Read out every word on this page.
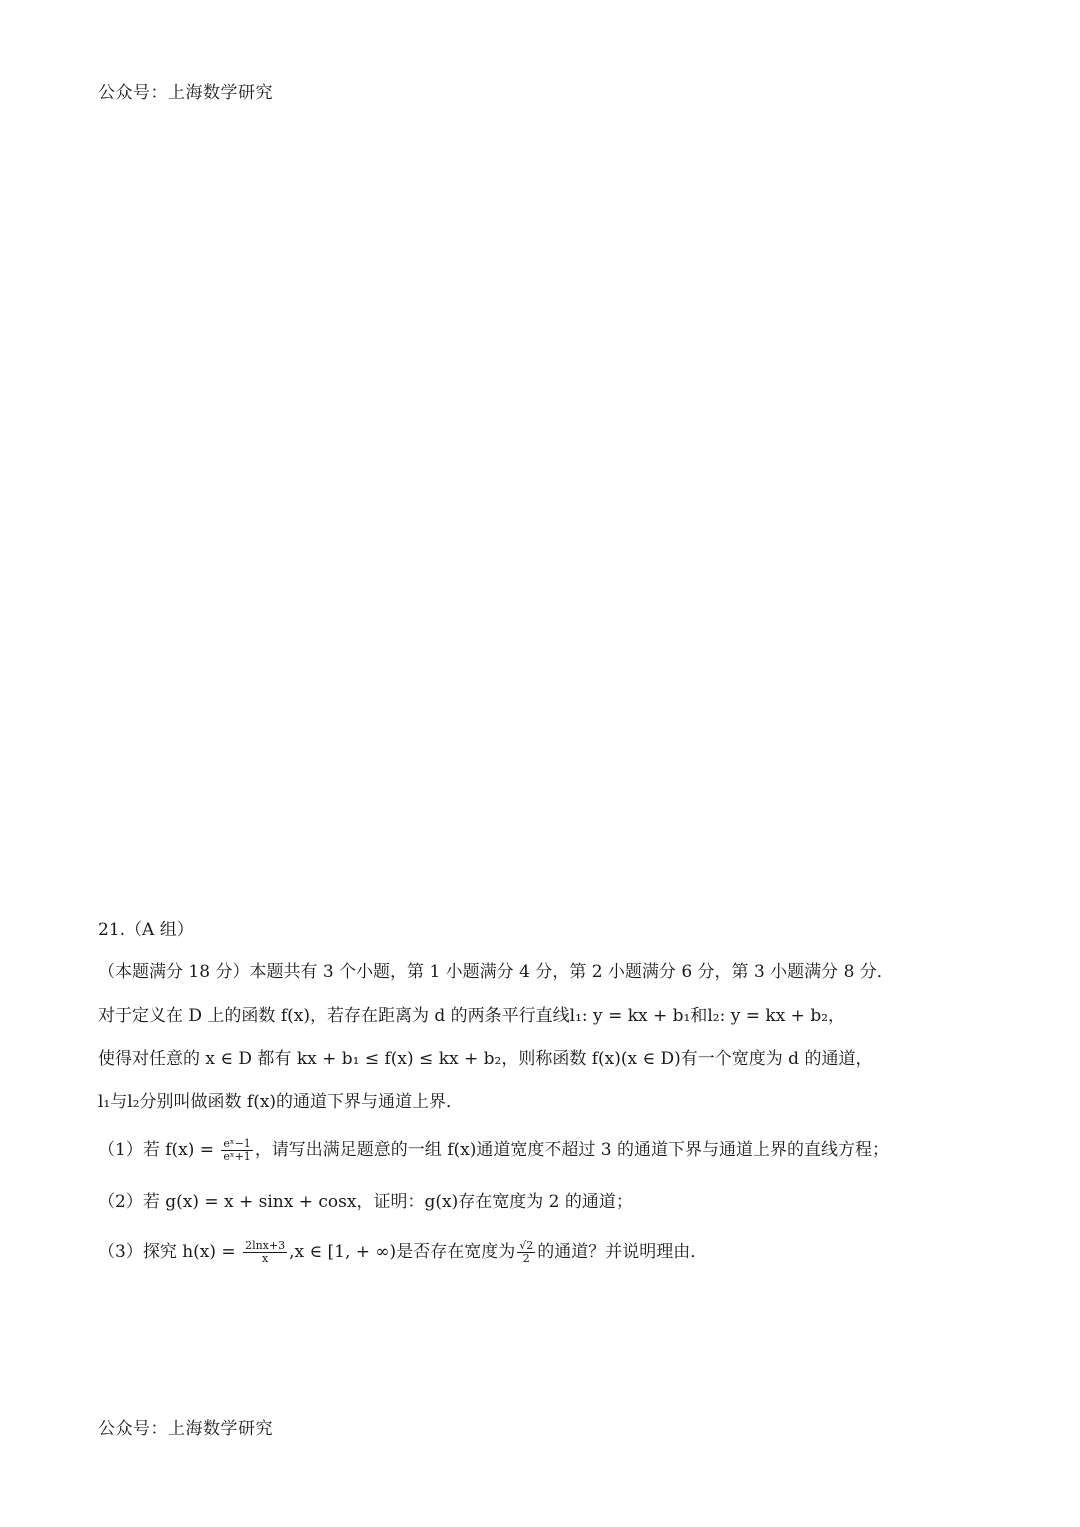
公众号：上海数学研究
21.（A 组）
（本题满分 18 分）本题共有 3 个小题，第 1 小题满分 4 分，第 2 小题满分 6 分，第 3 小题满分 8 分．
对于定义在 D 上的函数 f(x)，若存在距离为 d 的两条平行直线l₁: y = kx + b₁和l₂: y = kx + b₂，
使得对任意的 x ∈ D 都有 kx + b₁ ≤ f(x) ≤ kx + b₂，则称函数 f(x)(x ∈ D)有一个宽度为 d 的通道，
l₁与l₂分别叫做函数 f(x)的通道下界与通道上界．
（1）若 $f(x) = \frac{\text{eˣ−1}}{\text{eˣ+1}}$ ，请写出满足题意的一组 f(x)通道宽度不超过 3 的通道下界与通道上界的直线方程；
（2）若 g(x) = x + sinx + cosx，证明：g(x)存在宽度为 2 的通道；
（3）探究 $h(x) = \frac{2\ln x+3}{x} ,x$ ∈ [1, + ∞)是否存在宽度为 $\frac{√2}{2}$ 的通道？并说明理由．
公众号：上海数学研究
